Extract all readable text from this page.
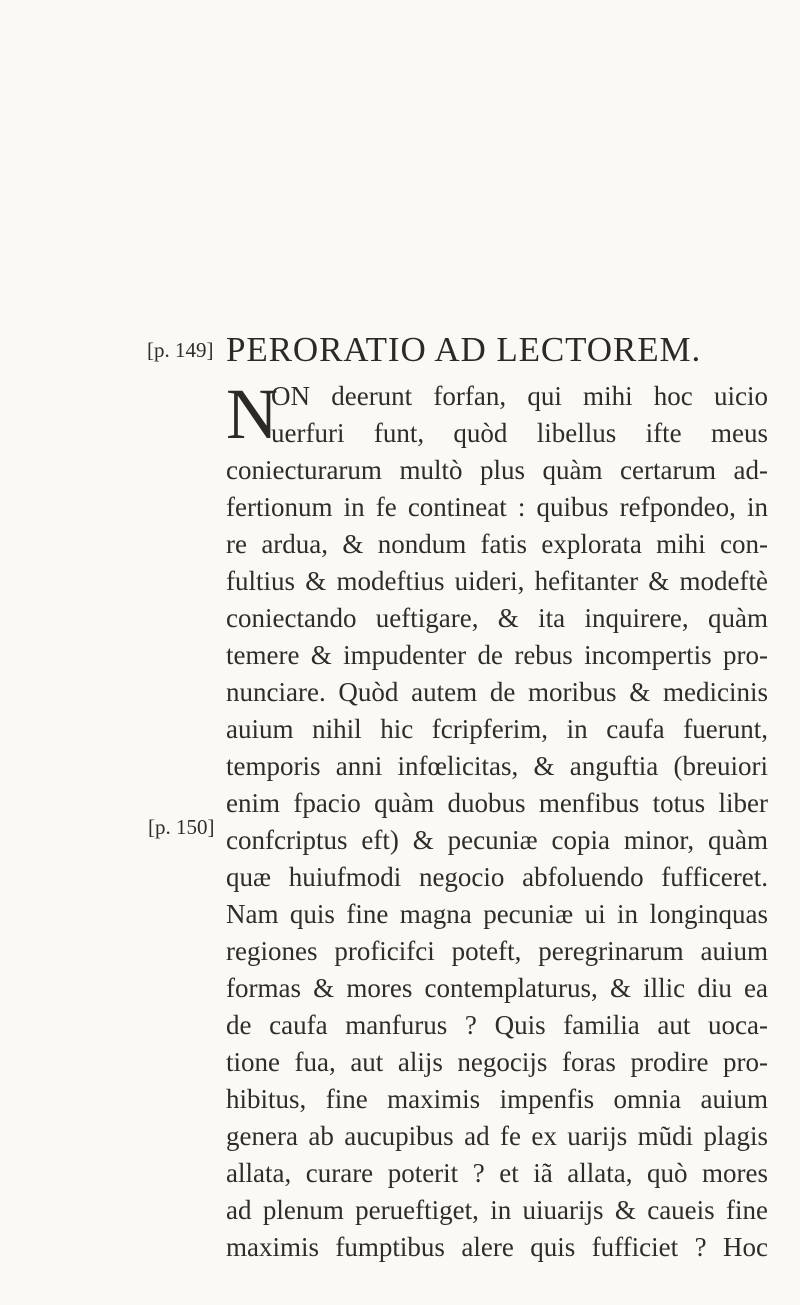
[p. 149] PERORATIO AD LECTOREM.
N
ON deerunt forfan, qui mihi hoc uicio
uerfuri funt, quòd libellus ifte meus
coniecturarum multò plus quàm certarum ad-
fertionum in fe contineat : quibus refpondeo, in
re ardua, & nondum fatis explorata mihi con-
fultius & modeftius uideri, hefitanter & modeftè
coniectando ueftigare, & ita inquirere, quàm
temere & impudenter de rebus incompertis pro-
nunciare. Quòd autem de moribus & medicinis
auium nihil hic fcripferim, in caufa fuerunt,
temporis anni infœlicitas, & anguftia (breuiori
enim fpacio quàm duobus menfibus totus liber
confcriptus eft) & pecuniæ copia minor, quàm
quæ huiufmodi negocio abfoluendo fufficeret.
Nam quis fine magna pecuniæ ui in longinquas
regiones proficifci poteft, peregrinarum auium
formas & mores contemplaturus, & illic diu ea
de caufa manfurus ? Quis familia aut uoca-
tione fua, aut alijs negocijs foras prodire pro-
hibitus, fine maximis impenfis omnia auium
genera ab aucupibus ad fe ex uarijs mũdi plagis
allata, curare poterit ? et iã allata, quò mores
ad plenum perueftiget, in uiuarijs & caueis fine
maximis fumptibus alere quis fufficiet ? Hoc
[p. 150]
